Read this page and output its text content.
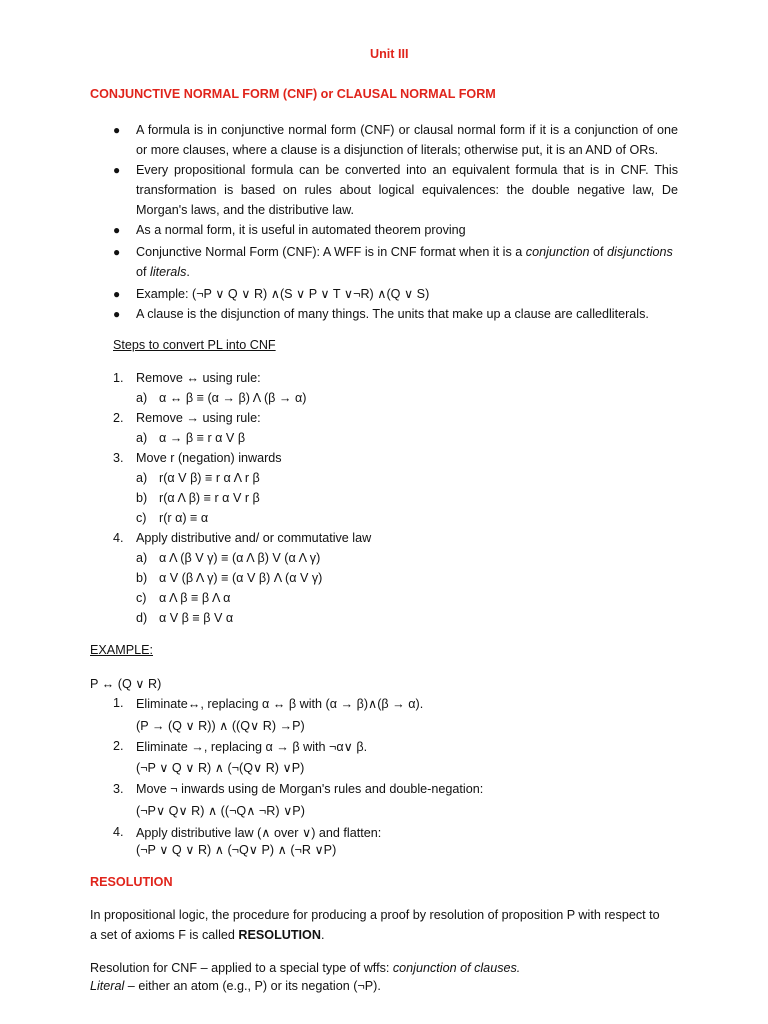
Unit III
CONJUNCTIVE NORMAL FORM (CNF) or CLAUSAL NORMAL FORM
● A formula is in conjunctive normal form (CNF) or clausal normal form if it is a conjunction of one or more clauses, where a clause is a disjunction of literals; otherwise put, it is an AND of ORs.
● Every propositional formula can be converted into an equivalent formula that is in CNF. This transformation is based on rules about logical equivalences: the double negative law, De Morgan's laws, and the distributive law.
● As a normal form, it is useful in automated theorem proving
● Conjunctive Normal Form (CNF): A WFF is in CNF format when it is a conjunction of disjunctions
of literals.
● Example: (¬P ∨ Q ∨ R) ∧(S ∨ P ∨ T ∨¬R) ∧(Q ∨ S)
● A clause is the disjunction of many things. The units that make up a clause are calledliterals.
Steps to convert PL into CNF
1. Remove ↔ using rule:
a) α ↔ β ≡ (α → β) Λ (β → α)
2. Remove → using rule:
a) α → β ≡ r α V β
3. Move r (negation) inwards
a) r(α V β) ≡ r α Λ r β
b) r(α Λ β) ≡ r α V r β
c) r(r α) ≡ α
4. Apply distributive and/ or commutative law
a) α Λ (β V γ) ≡ (α Λ β) V (α Λ γ)
b) α V (β Λ γ) ≡ (α V β) Λ (α V γ)
c) α Λ β ≡ β Λ α
d) α V β ≡ β V α
EXAMPLE:
P ↔ (Q ∨ R)
1. Eliminate↔, replacing α ↔ β with (α → β)∧(β → α).
(P → (Q ∨ R)) ∧ ((Q∨ R) →P)
2. Eliminate →, replacing α → β with ¬α∨ β.
(¬P ∨ Q ∨ R) ∧ (¬(Q∨ R) ∨P)
3. Move ¬ inwards using de Morgan's rules and double-negation:
(¬P∨ Q∨ R) ∧ ((¬Q∧ ¬R) ∨P)
4. Apply distributive law (∧ over ∨) and flatten:
(¬P ∨ Q ∨ R) ∧ (¬Q∨ P) ∧ (¬R ∨P)
RESOLUTION
In propositional logic, the procedure for producing a proof by resolution of proposition P with respect to
a set of axioms F is called RESOLUTION.
Resolution for CNF – applied to a special type of wffs: conjunction of clauses.
Literal – either an atom (e.g., P) or its negation (¬P).
